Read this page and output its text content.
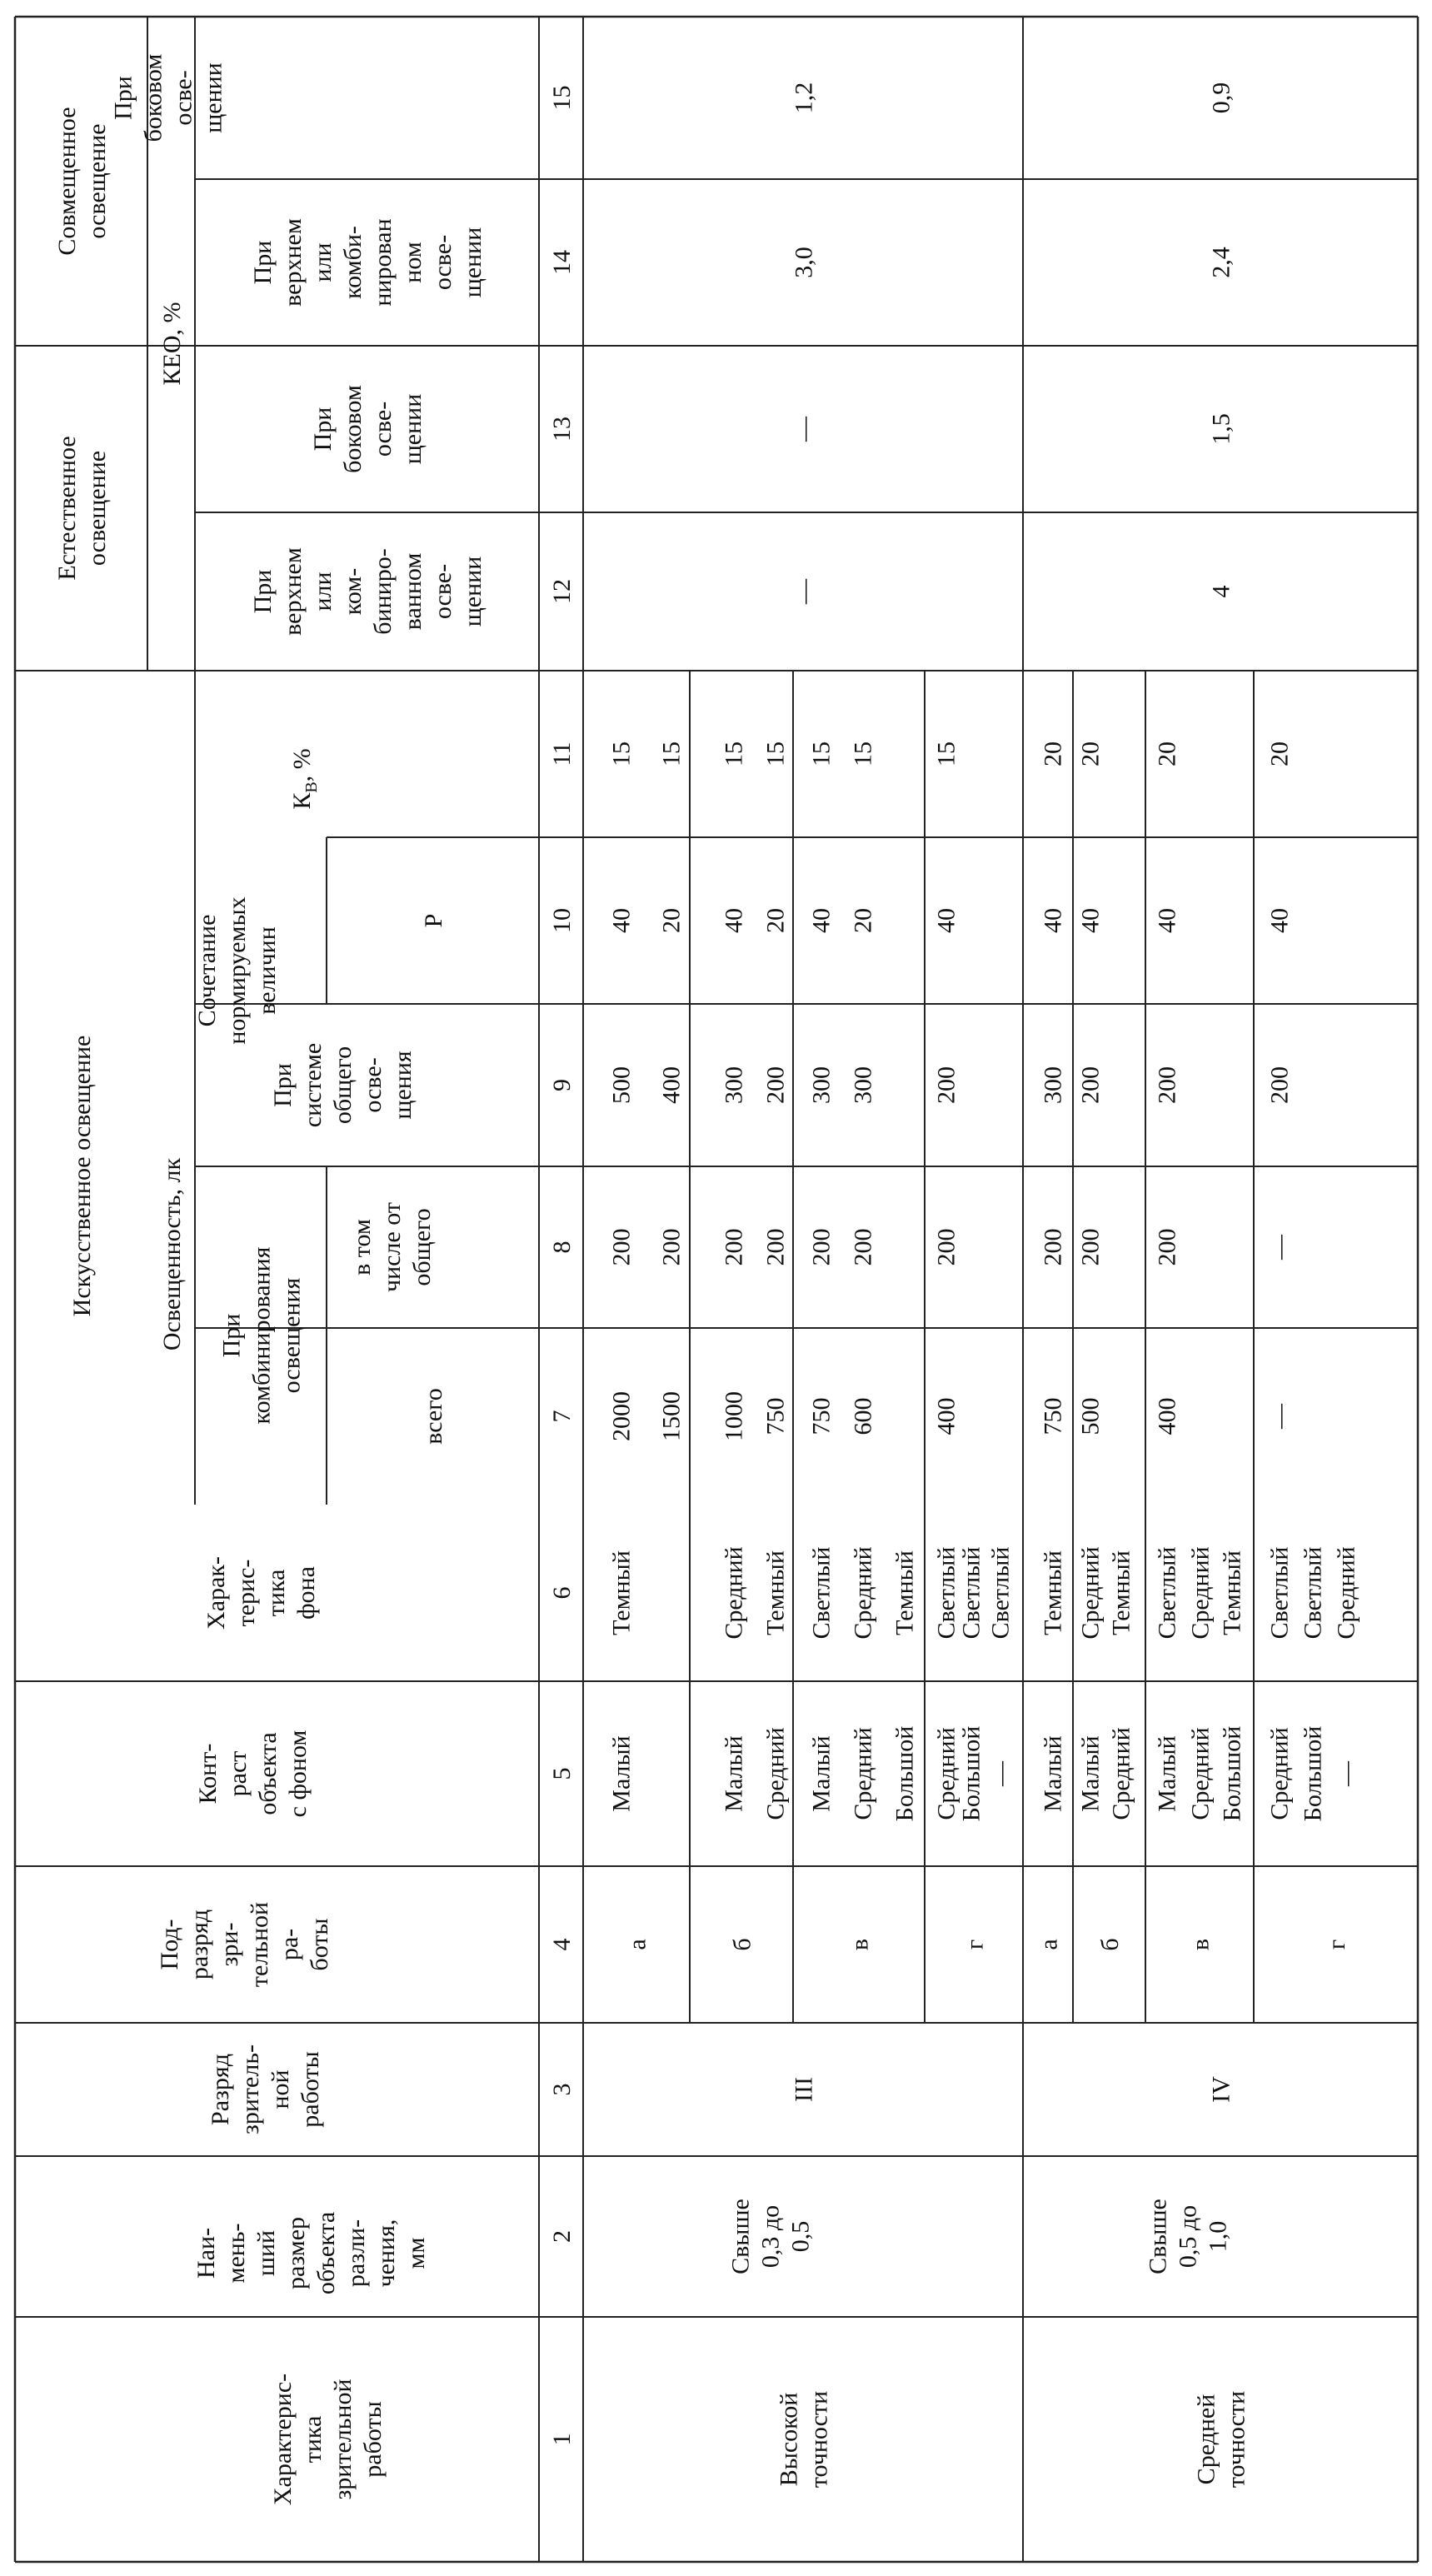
Искусственное освещение
Естественное освещение
Совмещенное освещение
КЕО, %
Освещенность, лк
Сочетание нормируемых величин
Характерис- тика зрительной работы
Наи- мень- ший размер объекта разли- чения, мм
Разряд зритель- ной работы
Под- разряд зри- тельной ра- боты
Конт- раст объекта с фоном
Харак- терис- тика фона
При комбинирования освещения
всего
в том числе от общего
При системе общего осве- щения
Р
$К_В$, %
При верхнем или ком- биниро- ванном осве- щении
При боковом осве- щении
При верхнем или комби- нирован ном осве- щении
При боковом осве- щении
1
2
3
4
5
6
7
8
9
10
11
12
13
14
15
Высокой точности
Свыше 0,3 до 0,5
III
—
—
3,0
1,2
а
Малый
Темный
2000
200
500
40
15
1500
200
400
20
15
б
Малый
Средний
1000
200
300
40
15
Средний
Темный
750
200
200
20
15
в
Малый
Светлый
750
200
300
40
15
Средний
Средний
600
200
300
20
15
Большой
Темный
г
Средний
Светлый
400
200
200
40
15
Большой
Светлый
—
Светлый
Средней точности
Свыше 0,5 до 1,0
IV
4
1,5
2,4
0,9
а
Малый
Темный
750
200
300
40
20
б
Малый
Средний
500
200
200
40
20
Средний
Темный
в
Малый
Светлый
400
200
200
40
20
Средний
Средний
Большой
Темный
г
Средний
Светлый
—
—
200
40
20
Большой
Светлый
—
Средний
